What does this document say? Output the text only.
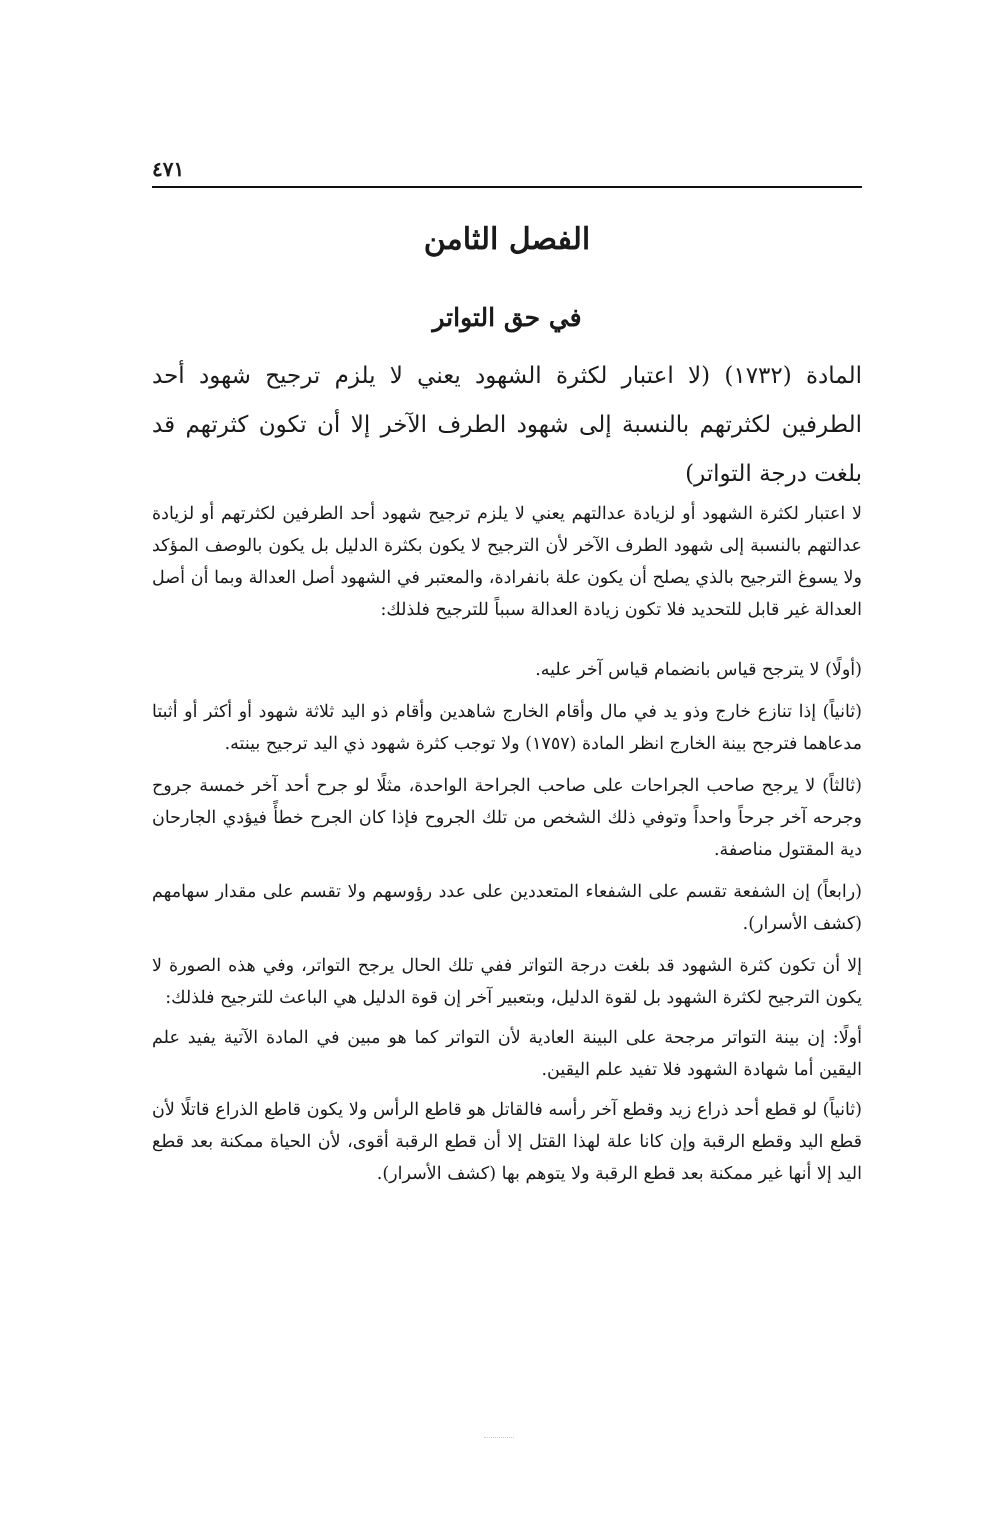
٤٧١
الفصل الثامن
في حق التواتر
المادة (١٧٣٢) (لا اعتبار لكثرة الشهود يعني لا يلزم ترجيح شهود أحد الطرفين لكثرتهم بالنسبة إلى شهود الطرف الآخر إلا أن تكون كثرتهم قد بلغت درجة التواتر)

لا اعتبار لكثرة الشهود أو لزيادة عدالتهم يعني لا يلزم ترجيح شهود أحد الطرفين لكثرتهم أو لزيادة عدالتهم بالنسبة إلى شهود الطرف الآخر لأن الترجيح لا يكون بكثرة الدليل بل يكون بالوصف المؤكد ولا يسوغ الترجيح بالذي يصلح أن يكون علة بانفرادة، والمعتبر في الشهود أصل العدالة وبما أن أصل العدالة غير قابل للتحديد فلا تكون زيادة العدالة سبباً للترجيح فلذلك:

(أولًا) لا يترجح قياس بانضمام قياس آخر عليه.

(ثانياً) إذا تنازع خارج وذو يد في مال وأقام الخارج شاهدين وأقام ذو اليد ثلاثة شهود أو أكثر أو أثبتا مدعاهما فترجح بينة الخارج انظر المادة (١٧٥٧) ولا توجب كثرة شهود ذي اليد ترجيح بينته.

(ثالثاً) لا يرجح صاحب الجراحات على صاحب الجراحة الواحدة، مثلًا لو جرح أحد آخر خمسة جروح وجرحه آخر جرحاً واحداً وتوفي ذلك الشخص من تلك الجروح فإذا كان الجرح خطأً فيؤدي الجارحان دية المقتول مناصفة.

(رابعاً) إن الشفعة تقسم على الشفعاء المتعددين على عدد رؤوسهم ولا تقسم على مقدار سهامهم (كشف الأسرار).

إلا أن تكون كثرة الشهود قد بلغت درجة التواتر ففي تلك الحال يرجح التواتر، وفي هذه الصورة لا يكون الترجيح لكثرة الشهود بل لقوة الدليل، وبتعبير آخر إن قوة الدليل هي الباعث للترجيح فلذلك:

أولًا: إن بينة التواتر مرجحة على البينة العادية لأن التواتر كما هو مبين في المادة الآتية يفيد علم اليقين أما شهادة الشهود فلا تفيد علم اليقين.

(ثانياً) لو قطع أحد ذراع زيد وقطع آخر رأسه فالقاتل هو قاطع الرأس ولا يكون قاطع الذراع قاتلًا لأن قطع اليد وقطع الرقبة وإن كانا علة لهذا القتل إلا أن قطع الرقبة أقوى، لأن الحياة ممكنة بعد قطع اليد إلا أنها غير ممكنة بعد قطع الرقبة ولا يتوهم بها (كشف الأسرار).
